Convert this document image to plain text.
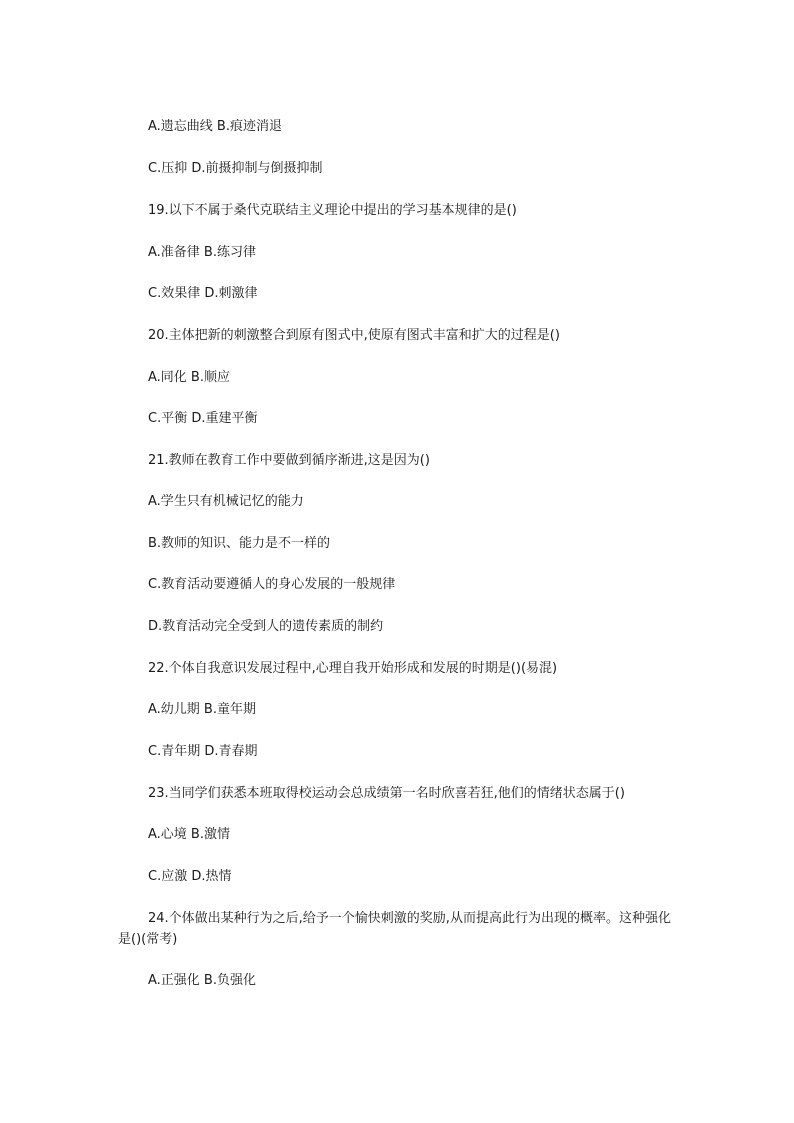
A.遗忘曲线 B.痕迹消退
C.压抑 D.前摄抑制与倒摄抑制
19.以下不属于桑代克联结主义理论中提出的学习基本规律的是()
A.准备律 B.练习律
C.效果律 D.刺激律
20.主体把新的刺激整合到原有图式中,使原有图式丰富和扩大的过程是()
A.同化 B.顺应
C.平衡 D.重建平衡
21.教师在教育工作中要做到循序渐进,这是因为()
A.学生只有机械记忆的能力
B.教师的知识、能力是不一样的
C.教育活动要遵循人的身心发展的一般规律
D.教育活动完全受到人的遗传素质的制约
22.个体自我意识发展过程中,心理自我开始形成和发展的时期是()(易混)
A.幼儿期 B.童年期
C.青年期 D.青春期
23.当同学们获悉本班取得校运动会总成绩第一名时欣喜若狂,他们的情绪状态属于()
A.心境 B.激情
C.应激 D.热情
24.个体做出某种行为之后,给予一个愉快刺激的奖励,从而提高此行为出现的概率。这种强化是()(常考)
A.正强化 B.负强化
